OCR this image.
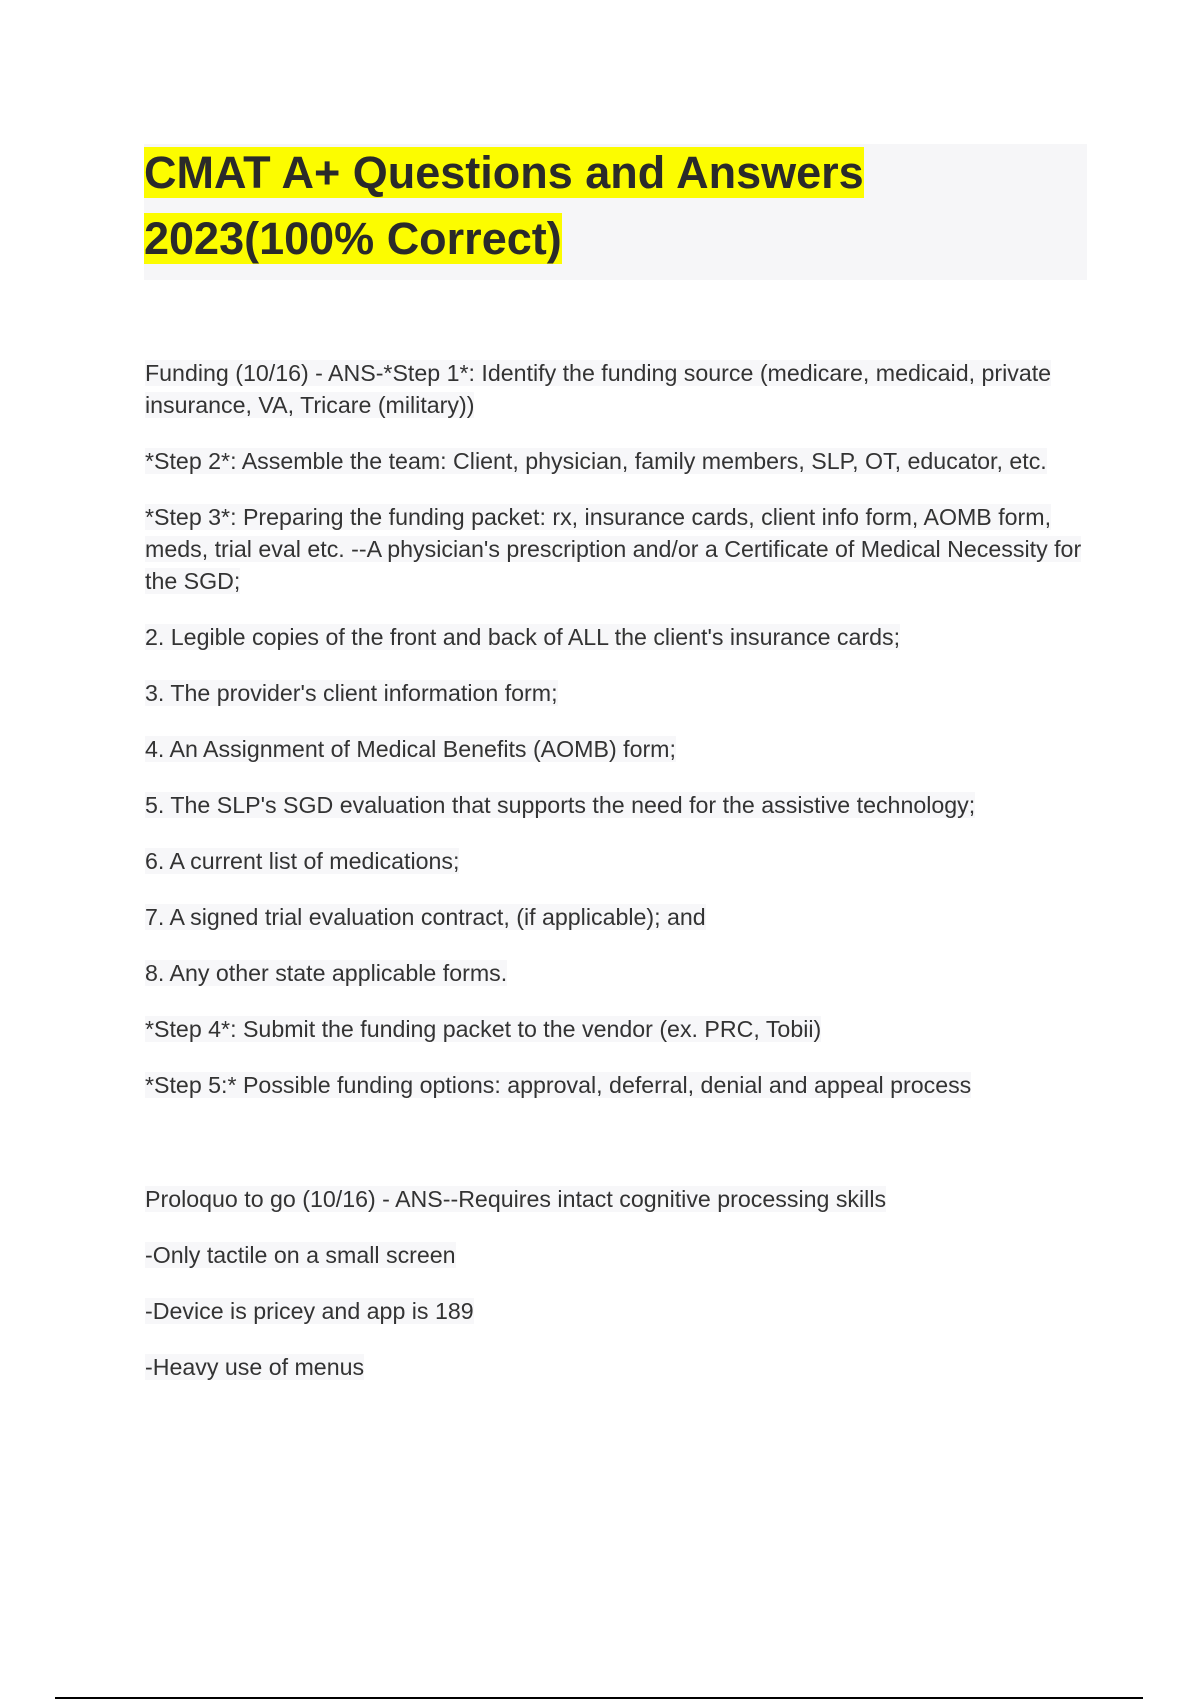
CMAT A+ Questions and Answers
2023(100% Correct)

Funding (10/16) - ANS-*Step 1*: Identify the funding source (medicare, medicaid, private insurance, VA, Tricare (military))

*Step 2*: Assemble the team: Client, physician, family members, SLP, OT, educator, etc.

*Step 3*: Preparing the funding packet: rx, insurance cards, client info form, AOMB form, meds, trial eval etc. --A physician's prescription and/or a Certificate of Medical Necessity for the SGD;

2. Legible copies of the front and back of ALL the client's insurance cards;

3. The provider's client information form;

4. An Assignment of Medical Benefits (AOMB) form;

5. The SLP's SGD evaluation that supports the need for the assistive technology;

6. A current list of medications;

7. A signed trial evaluation contract, (if applicable); and

8. Any other state applicable forms.

*Step 4*: Submit the funding packet to the vendor (ex. PRC, Tobii)

*Step 5:* Possible funding options: approval, deferral, denial and appeal process

Proloquo to go (10/16) - ANS--Requires intact cognitive processing skills

-Only tactile on a small screen

-Device is pricey and app is 189

-Heavy use of menus
